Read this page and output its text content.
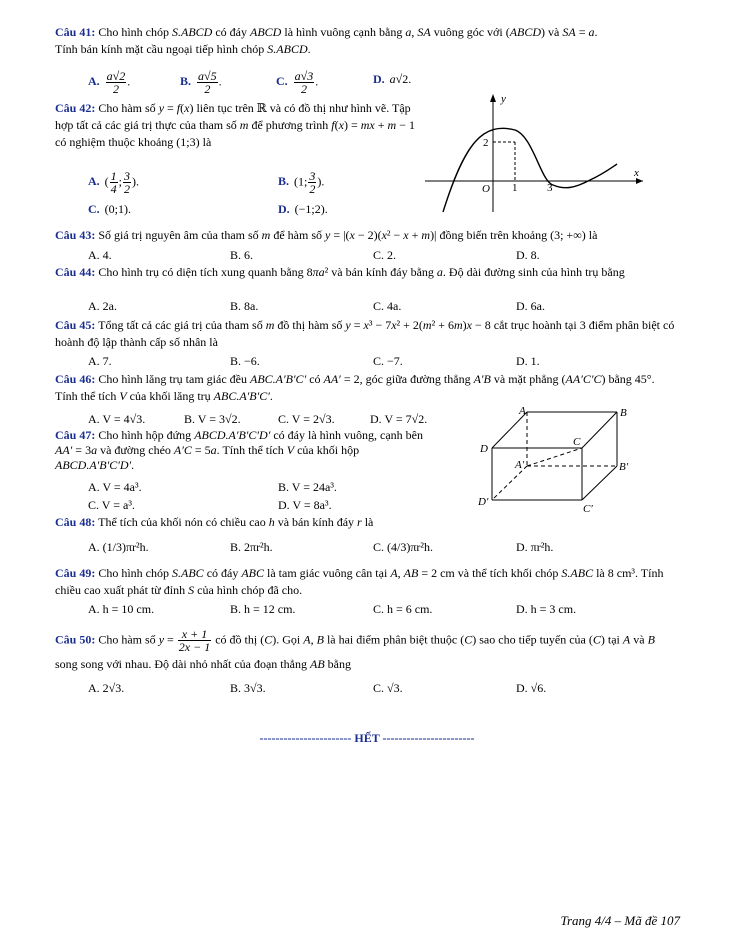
Câu 41: Cho hình chóp S.ABCD có đáy ABCD là hình vuông cạnh bằng a, SA vuông góc với (ABCD) và SA = a.
Tính bán kính mặt cầu ngoại tiếp hình chóp S.ABCD.
A. $\frac{a√2}{2}$ .	B. $\frac{a√5}{2}$ .	C. $\frac{a√3}{2}$ .	D. a√2.
Câu 42: Cho hàm số y = f(x) liên tục trên ℝ và có đồ thị như hình vẽ. Tập hợp tất cả các giá trị thực của tham số m để phương trình f(x) = mx + m − 1 có nghiệm thuộc khoảng (1;3) là
A. ( $\frac{1}{4}$ ; $\frac{3}{2}$ ).	B. (1; $\frac{3}{2}$ ).
C. (0;1).	D. (−1;2).
y
x
O 1
2
3
Câu 43: Số giá trị nguyên âm của tham số m để hàm số y = |(x − 2)(x² − x + m)| đồng biến trên khoảng (3; +∞) là
A. 4.	B. 6.	C. 2.	D. 8.
Câu 44: Cho hình trụ có diện tích xung quanh bằng 8πa² và bán kính đáy bằng a. Độ dài đường sinh của hình trụ bằng
A. 2a.	B. 8a.	C. 4a.	D. 6a.
Câu 45: Tổng tất cả các giá trị của tham số m đồ thị hàm số y = x³ − 7x² + 2(m² + 6m)x − 8 cắt trục hoành tại 3 điểm phân biệt có hoành độ lập thành cấp số nhân là
A. 7.	B. −6.	C. −7.	D. 1.
Câu 46: Cho hình lăng trụ tam giác đều ABC.A′B′C′ có AA′ = 2, góc giữa đường thẳng A′B và mặt phẳng (AA′C′C) bằng 45°. Tính thể tích V của khối lăng trụ ABC.A′B′C′.
A. V = 4√3.	B. V = 3√2.	C. V = 2√3.	D. V = 7√2.
Câu 47: Cho hình hộp đứng ABCD.A′B′C′D′ có đáy là hình vuông, cạnh bên AA′ = 3a và đường chéo A′C = 5a. Tính thể tích V của khối hộp ABCD.A′B′C′D′.
A. V = 4a³.	B. V = 24a³.
C. V = a³.	D. V = 8a³.
A	B
C
D
A′	B′
C′
D′
Câu 48: Thể tích của khối nón có chiều cao h và bán kính đáy r là
A. (1/3)πr²h.	B. 2πr²h.	C. (4/3)πr²h.	D. πr²h.
Câu 49: Cho hình chóp S.ABC có đáy ABC là tam giác vuông cân tại A, AB = 2 cm và thể tích khối chóp S.ABC là 8 cm³. Tính chiều cao xuất phát từ đỉnh S của hình chóp đã cho.
A. h = 10 cm.	B. h = 12 cm.	C. h = 6 cm.	D. h = 3 cm.
Câu 50: Cho hàm số $y = \frac{x + 1}{2x - 1}$ có đồ thị (C). Gọi A, B là hai điểm phân biệt thuộc (C) sao cho tiếp tuyến của (C) tại A và B song song với nhau. Độ dài nhỏ nhất của đoạn thẳng AB bằng
A. 2√3.	B. 3√3.	C. √3.	D. √6.
----------------------- HẾT -----------------------
Trang 4/4 – Mã đề 107
